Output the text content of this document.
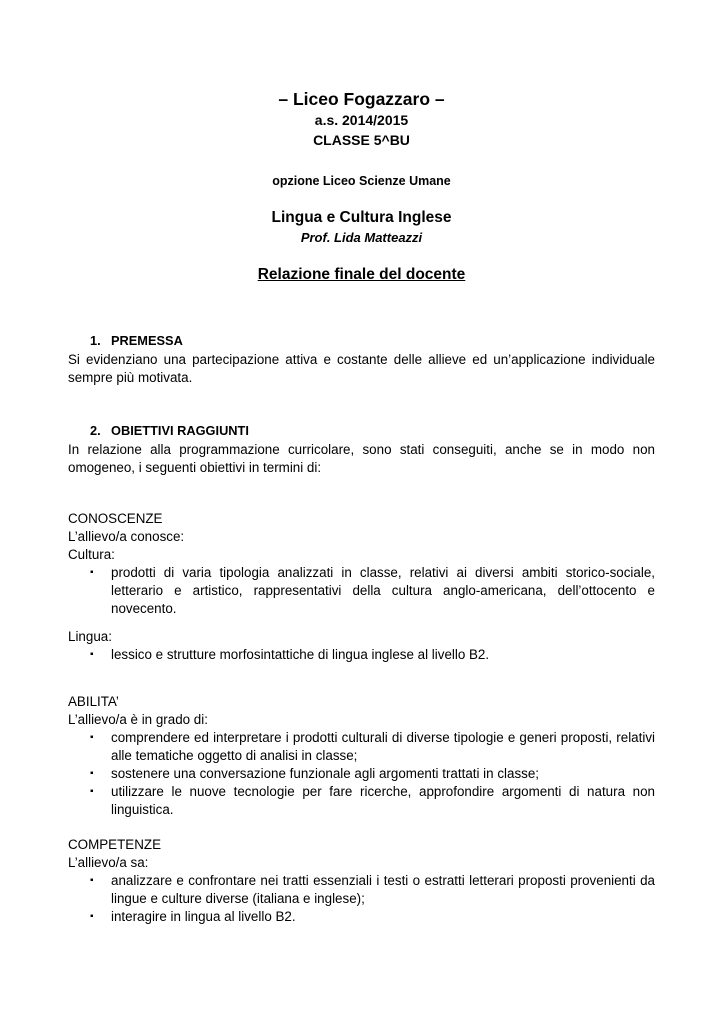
– Liceo Fogazzaro –
a.s. 2014/2015
CLASSE 5^BU
opzione Liceo Scienze Umane
Lingua e Cultura Inglese
Prof. Lida Matteazzi
Relazione finale del docente
1. PREMESSA
Si evidenziano una partecipazione attiva e costante delle allieve ed un’applicazione individuale sempre più motivata.
2. OBIETTIVI RAGGIUNTI
In relazione alla programmazione curricolare, sono stati conseguiti, anche se in modo non omogeneo, i seguenti obiettivi in termini di:
CONOSCENZE
L’allievo/a conosce:
Cultura:
▪ prodotti di varia tipologia analizzati in classe, relativi ai diversi ambiti storico-sociale, letterario e artistico, rappresentativi della cultura anglo-americana, dell’ottocento e novecento.
Lingua:
▪ lessico e strutture morfosintattiche di lingua inglese al livello B2.
ABILITA’
L’allievo/a è in grado di:
▪ comprendere ed interpretare i prodotti culturali di diverse tipologie e generi proposti, relativi alle tematiche oggetto di analisi in classe;
▪ sostenere una conversazione funzionale agli argomenti trattati in classe;
▪ utilizzare le nuove tecnologie per fare ricerche, approfondire argomenti di natura non linguistica.
COMPETENZE
L’allievo/a sa:
▪ analizzare e confrontare nei tratti essenziali i testi o estratti letterari proposti provenienti da lingue e culture diverse (italiana e inglese);
▪ interagire in lingua al livello B2.
